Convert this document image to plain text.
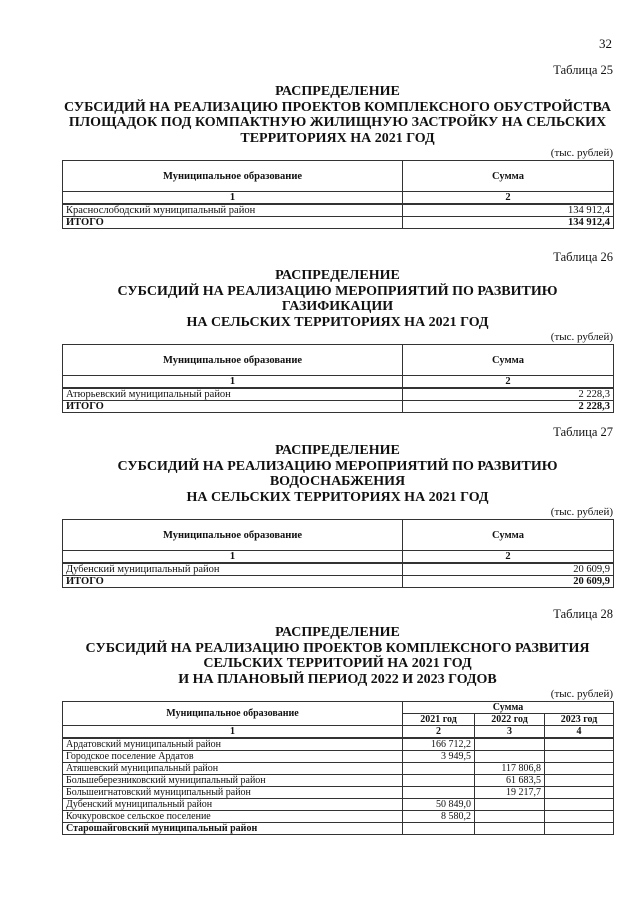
32
Таблица 25
РАСПРЕДЕЛЕНИЕ
СУБСИДИЙ НА РЕАЛИЗАЦИЮ ПРОЕКТОВ КОМПЛЕКСНОГО ОБУСТРОЙСТВА
ПЛОЩАДОК ПОД КОМПАКТНУЮ ЖИЛИЩНУЮ ЗАСТРОЙКУ НА СЕЛЬСКИХ
ТЕРРИТОРИЯХ НА 2021 ГОД
(тыс. рублей)
Муниципальное образование	Сумма
1	2
Краснослободский муниципальный район	134 912,4
ИТОГО	134 912,4
Таблица 26
РАСПРЕДЕЛЕНИЕ
СУБСИДИЙ НА РЕАЛИЗАЦИЮ МЕРОПРИЯТИЙ ПО РАЗВИТИЮ ГАЗИФИКАЦИИ
НА СЕЛЬСКИХ ТЕРРИТОРИЯХ НА 2021 ГОД
(тыс. рублей)
Муниципальное образование	Сумма
1	2
Атюрьевский муниципальный район	2 228,3
ИТОГО	2 228,3
Таблица 27
РАСПРЕДЕЛЕНИЕ
СУБСИДИЙ НА РЕАЛИЗАЦИЮ МЕРОПРИЯТИЙ ПО РАЗВИТИЮ ВОДОСНАБЖЕНИЯ
НА СЕЛЬСКИХ ТЕРРИТОРИЯХ НА 2021 ГОД
(тыс. рублей)
Муниципальное образование	Сумма
1	2
Дубенский муниципальный район	20 609,9
ИТОГО	20 609,9
Таблица 28
РАСПРЕДЕЛЕНИЕ
СУБСИДИЙ НА РЕАЛИЗАЦИЮ ПРОЕКТОВ КОМПЛЕКСНОГО РАЗВИТИЯ
СЕЛЬСКИХ ТЕРРИТОРИЙ НА 2021 ГОД
И НА ПЛАНОВЫЙ ПЕРИОД 2022 И 2023 ГОДОВ
(тыс. рублей)
Муниципальное образование	Сумма		
	2021 год	2022 год	2023 год
1	2	3	4
Ардатовский муниципальный район	166 712,2		
Городское поселение Ардатов	3 949,5		
Атяшевский муниципальный район		117 806,8	
Большеберезниковский муниципальный район		61 683,5	
Большеигнатовский муниципальный район		19 217,7	
Дубенский муниципальный район	50 849,0		
Кочкуровское сельское поселение	8 580,2		
Старошайговский муниципальный район			
